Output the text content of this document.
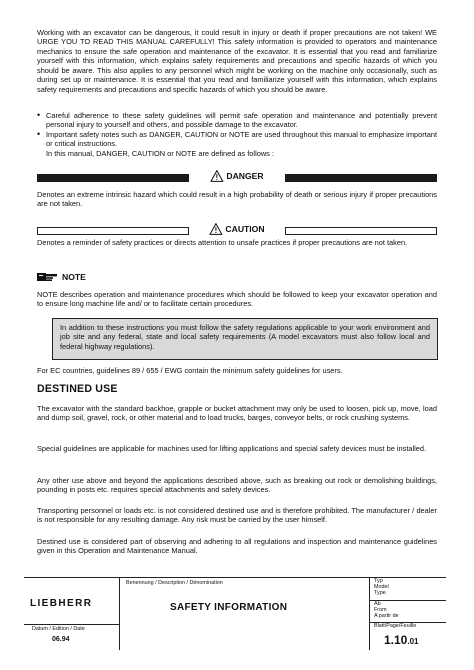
Working with an excavator can be dangerous, it could result in injury or death if proper precautions are not taken! WE URGE YOU TO READ THIS MANUAL CAREFULLY! This safety information is provided to operators and maintenance mechanics to ensure the safe operation and maintenance of the excavator. It is essential that you read and familiarize yourself with this information, which explains safety requirements and precautions and specific hazards of which you should be aware. This also applies to any personnel which might be working on the machine only occasionally, such as during set up or maintenance. It is essential that you read and familiarize yourself with this information, which explains safety requirements and precautions and specific hazards of which you should be aware.
• Careful adherence to these safety guidelines will permit safe operation and maintenance and potentially prevent personal injury to yourself and others, and possible damage to the excavator.
• Important safety notes such as DANGER, CAUTION or NOTE are used throughout this manual to emphasize important or critical instructions.
In this manual, DANGER, CAUTION or NOTE are defined as follows :
DANGER
Denotes an extreme intrinsic hazard which could result in a high probability of death or serious injury if proper precautions are not taken.
CAUTION
Denotes a reminder of safety practices or directs attention to unsafe practices if proper precautions are not taken.
NOTE
NOTE describes operation and maintenance procedures which should be followed to keep your excavator operation and to ensure long machine life and/ or to facilitate certain procedures.
In addition to these instructions you must follow the safety regulations applicable to your work environment and job site and any federal, state and local safety requirements (A model excavators must also follow local and federal highway regulations).
For EC countries, guidelines 89 / 655 / EWG contain the minimum safety guidelines for users.
DESTINED USE
The excavator with the standard backhoe, grapple or bucket attachment may only be used to loosen, pick up, move, load and dump soil, gravel, rock, or other material and to load trucks, barges, conveyor belts, or rock crushing systems.
Special guidelines are applicable for machines used for lifting applications and special safety devices must be installed.
Any other use above and beyond the applications described above, such as breaking out rock or demolishing buildings, pounding in posts etc. requires special attachments and safety devices.
Transporting personnel or loads etc. is not considered destined use and is therefore prohibited. The manufacturer / dealer is not responsible for any resulting damage. Any risk must be carried by the user himself.
Destined use is considered part of observing and adhering to all regulations and inspection and maintenance guidelines given in this Operation and Maintenance Manual.
LIEBHERR
Datum / Edition / Date
06.94
Benennung / Description / Dénomination
SAFETY INFORMATION
Typ
Model
Type
Ab
From
A partir de
Blatt/Page/Feuille
1.10.01
